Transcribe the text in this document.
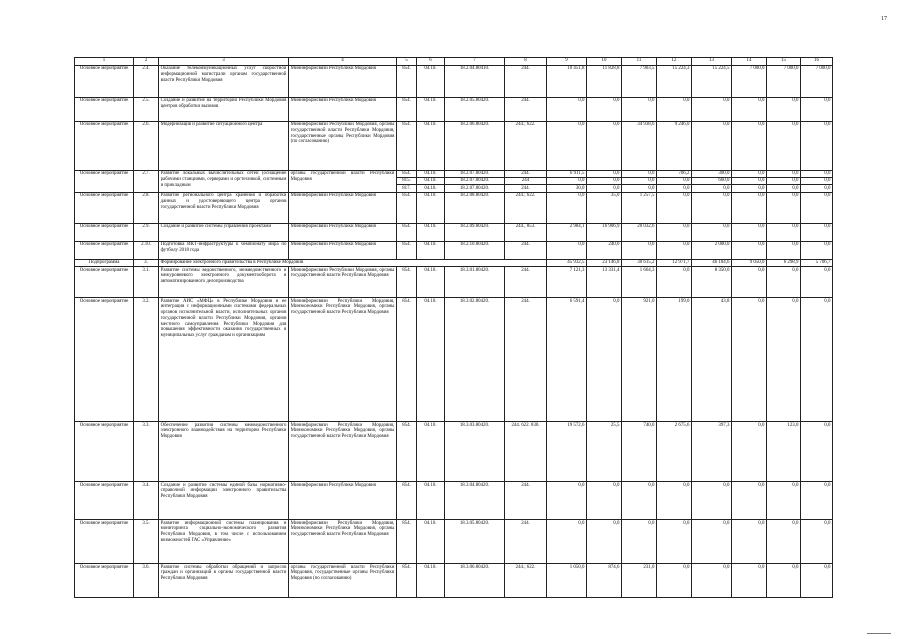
17
1	2	3	4	5	6	7	8	9	10	11	12	13	14	15	16
Основное мероприятие	2.4.	Оказание телекоммуникационных услуг скоростной информационной магистрали органам государственной власти Республики Мордовия	Мининформсвязи Республики Мордовия	854.	04.10.	18.2.04.80410.	244.	10 451,8	11 828,8	7 903,5	15 224,3	15 224,5	7 000,0	7 000,0	7 000,0
Основное мероприятие	2.5.	Создание и развитие на территории Республики Мордовия центров обработки вызовов	Мининформсвязи Республики Мордовия	854.	04.10.	18.2.05.80420.	244.	0,0	0,0	0,0	0,0	0,0	0,0	0,0	0,0
Основное мероприятие	2.6.	Модернизация и развитие ситуационного центра	Мининформсвязи Республики Мордовия, органы государственной власти Республики Мордовия, государственные органы Республики Мордовия (по согласованию)	854.	04.10.	18.2.06.80420.	244.; 622.	0,0	0,0	34 938,6	9 246,0	0,0	0,0	0,0	0,0
Основное мероприятие	2.7.	Развитие локальных вычислительных сетей (оснащение рабочими станциями, серверами и оргтехникой, системным и прикладным	органы государственной власти Республики Мордовия	854.	04.10.	18.2.07.80420.	244.	6 911,5	0,0	0,0	706,2	300,0	0,0	0,0	0,0
				815.	04.10.	18.2.07.80420.	244	0,0	0,0	0,0	0,0	660,0	0,0	0,0	0,0
				817.	04.10.	18.2.07.80420.	244.	30,0	0,0	0,0	0,0	0,0	0,0	0,0	0,0
Основное мероприятие	2.8.	Развитие регионального центра хранения и обработки данных и удостоверяющего центра органов государственной власти Республики Мордовия	Мининформсвязи Республики Мордовия	854.	04.10.	18.2.08.80420.	244.; 622.	0,0	35,0	1 257,5	0,0	0,0	0,0	0,0	0,0
Основное мероприятие	2.9.	Создание и развитие системы управления проектами	Мининформсвязи Республики Мордовия	854.	04.10.	18.2.09.80420.	244., 853.	2 984,1	16 906,9	20 032,6	0,0	0,0	0,0	0,0	0,0
Основное мероприятие	2.10.	Подготовка ИКТ-инфраструктуры к чемпионату мира по футболу 2018 года	Мининформсвязи Республики Мордовия	854.	04.10.	18.2.10.80420.	244.	0,0	240,0	0,0	0,0	2 000,0	0,0	0,0	0,0
Подпрограмма	3.	Формирование электронного правительства в Республике Мордовия						45 932,5	23 146,8	30 615,2	12 971,7	46 184,6	9 050,0	6 298,9	5 706,7
Основное мероприятие	3.1.	Развитие системы ведомственного, межведомственного и межуровневого электронного документооборота и автоматизированного делопроизводства	Мининформсвязи Республики Мордовия, органы государственной власти Республики Мордовия	854.	04.10.	18.3.01.80420.	244.	7 121,3	13 331,4	1 664,3	0,0	8 350,0	0,0	0,0	0,0
Основное мероприятие	3.2.	Развитие АИС «МФЦ» в Республике Мордовия и ее интеграция с информационными системами федеральных органов исполнительной власти, исполнительных органов государственной власти Республики Мордовия, органов местного самоуправления Республики Мордовия для повышения эффективности оказания государственных и муниципальных услуг гражданам и организациям	Мининформсвязи Республики Мордовия, Минэкономики Республики Мордовия, органы государственной власти Республики Мордовия	854.	04.10.	18.3.02.80420.	244.	6 591,4	0,0	921,0	199,0	43,8	0,0	0,0	0,0
Основное мероприятие	3.3.	Обеспечение развития системы межведомственного электронного взаимодействия на территории Республики Мордовия	Мининформсвязи Республики Мордовия, Минэкономики Республики Мордовия, органы государственной власти Республики Мордовия	854.	04.10.	18.3.03.80420.	244. 622. 830.	19 572,6	25,5	740,0	2 675,6	397,3	0,0	123,0	0,0
Основное мероприятие	3.4.	Создание и развитие системы единой базы нормативно-справочной информации электронного правительства Республики Мордовия	Мининформсвязи Республики Мордовия	854.	04.10.	18.3.04.80420.	244.	0,0	0,0	0,0	0,0	0,0	0,0	0,0	0,0
Основное мероприятие	3.5.	Развитие информационной системы планирования и мониторинга социально-экономического развития Республики Мордовия, в том числе с использованием возможностей ГАС «Управление»	Мининформсвязи Республики Мордовия, Минэкономики Республики Мордовия, органы государственной власти Республики Мордовия	854.	04.10.	18.3.05.80420.	244.	0,0	0,0	0,0	0,0	0,0	0,0	0,0	0,0
Основное мероприятие	3.6.	Развитие системы обработки обращений и запросов граждан и организаций в органы государственной власти Республики Мордовия	органы государственной власти Республики Мордовия, государственные органы Республики Мордовия (по согласованию)	854.	04.10.	18.3.06.80420.	244.; 622.	1 050,0	874,6	231,0	0,0	0,0	0,0	0,0	0,0
